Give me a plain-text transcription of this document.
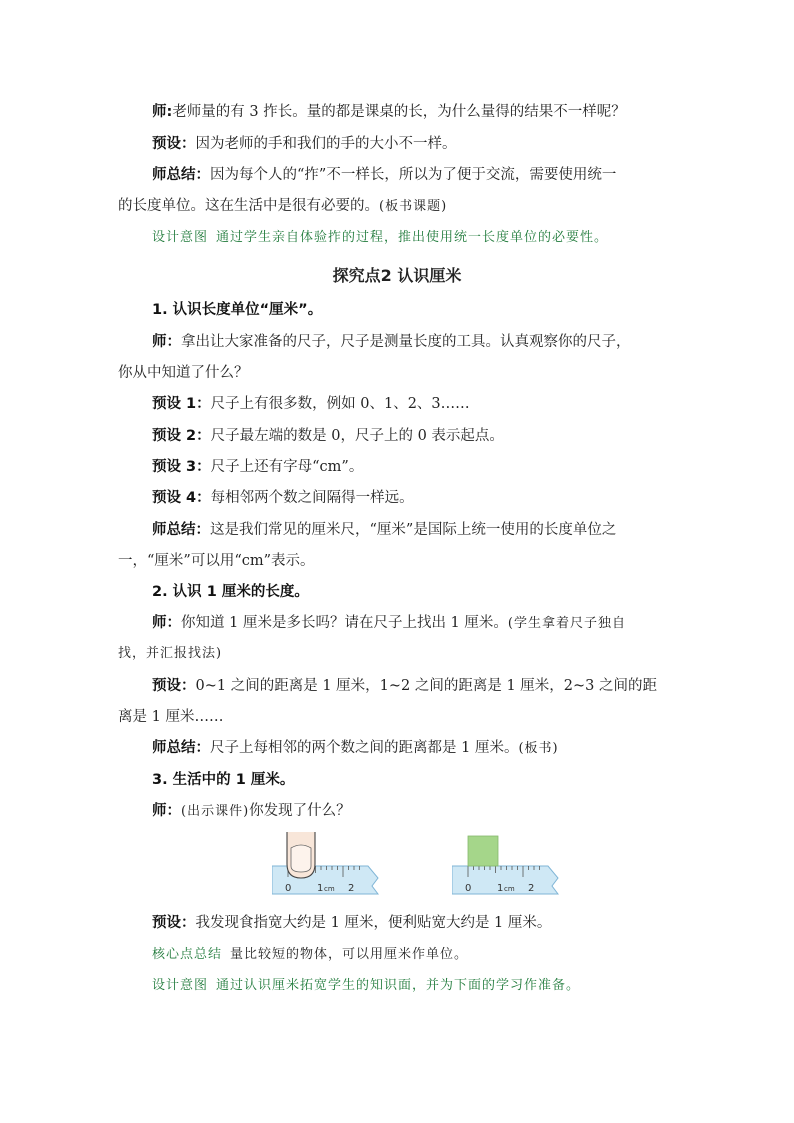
师:老师量的有 3 拃长。量的都是课桌的长，为什么量得的结果不一样呢？
预设：因为老师的手和我们的手的大小不一样。
师总结：因为每个人的“拃”不一样长，所以为了便于交流，需要使用统一
的长度单位。这在生活中是很有必要的。(板书课题)
设计意图 通过学生亲自体验拃的过程，推出使用统一长度单位的必要性。
探究点2 认识厘米
1. 认识长度单位“厘米”。
师：拿出让大家准备的尺子，尺子是测量长度的工具。认真观察你的尺子，
你从中知道了什么？
预设 1：尺子上有很多数，例如 0、1、2、3……
预设 2：尺子最左端的数是 0，尺子上的 0 表示起点。
预设 3：尺子上还有字母“cm”。
预设 4：每相邻两个数之间隔得一样远。
师总结：这是我们常见的厘米尺，“厘米”是国际上统一使用的长度单位之
一，“厘米”可以用“cm”表示。
2. 认识 1 厘米的长度。
师：你知道 1 厘米是多长吗？请在尺子上找出 1 厘米。(学生拿着尺子独自
找，并汇报找法)
预设：0~1 之间的距离是 1 厘米，1~2 之间的距离是 1 厘米，2~3 之间的距
离是 1 厘米……
师总结：尺子上每相邻的两个数之间的距离都是 1 厘米。(板书)
3. 生活中的 1 厘米。
师：(出示课件)你发现了什么？
0	1 cm 2	0	1 cm 2
预设：我发现食指宽大约是 1 厘米，便利贴宽大约是 1 厘米。
核心点总结 量比较短的物体，可以用厘米作单位。
设计意图 通过认识厘米拓宽学生的知识面，并为下面的学习作准备。
